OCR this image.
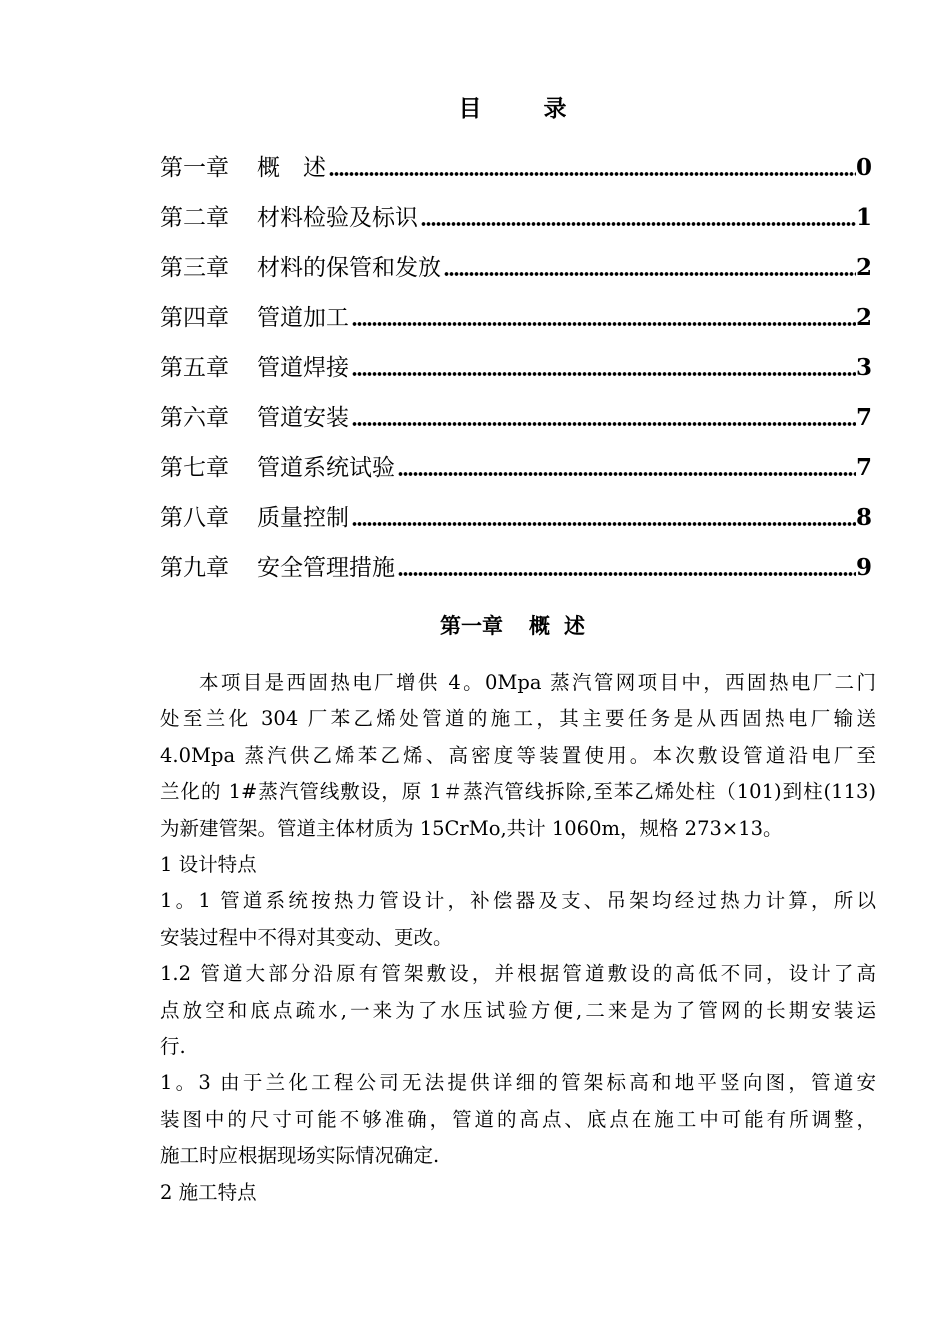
目	录
第一章 概　述	0
第二章 材料检验及标识	1
第三章 材料的保管和发放	2
第四章 管道加工	2
第五章 管道焊接	3
第六章 管道安装	7
第七章 管道系统试验	7
第八章 质量控制	8
第九章 安全管理措施	9
第一章 概 述

本项目是西固热电厂增供 4。0Mpa 蒸汽管网项目中，西固热电厂二门

处至兰化 304 厂苯乙烯处管道的施工，其主要任务是从西固热电厂输送

4.0Mpa 蒸汽供乙烯苯乙烯、高密度等装置使用。本次敷设管道沿电厂至

兰化的 1#蒸汽管线敷设，原 1＃蒸汽管线拆除,至苯乙烯处柱（101)到柱(113)

为新建管架。管道主体材质为 15CrMo,共计 1060m，规格 273×13。

1 设计特点

1。1 管道系统按热力管设计，补偿器及支、吊架均经过热力计算，所以

安装过程中不得对其变动、更改。

1.2 管道大部分沿原有管架敷设，并根据管道敷设的高低不同，设计了高

点放空和底点疏水,一来为了水压试验方便,二来是为了管网的长期安装运

行.

1。3 由于兰化工程公司无法提供详细的管架标高和地平竖向图，管道安

装图中的尺寸可能不够准确，管道的高点、底点在施工中可能有所调整，

施工时应根据现场实际情况确定.

2 施工特点
